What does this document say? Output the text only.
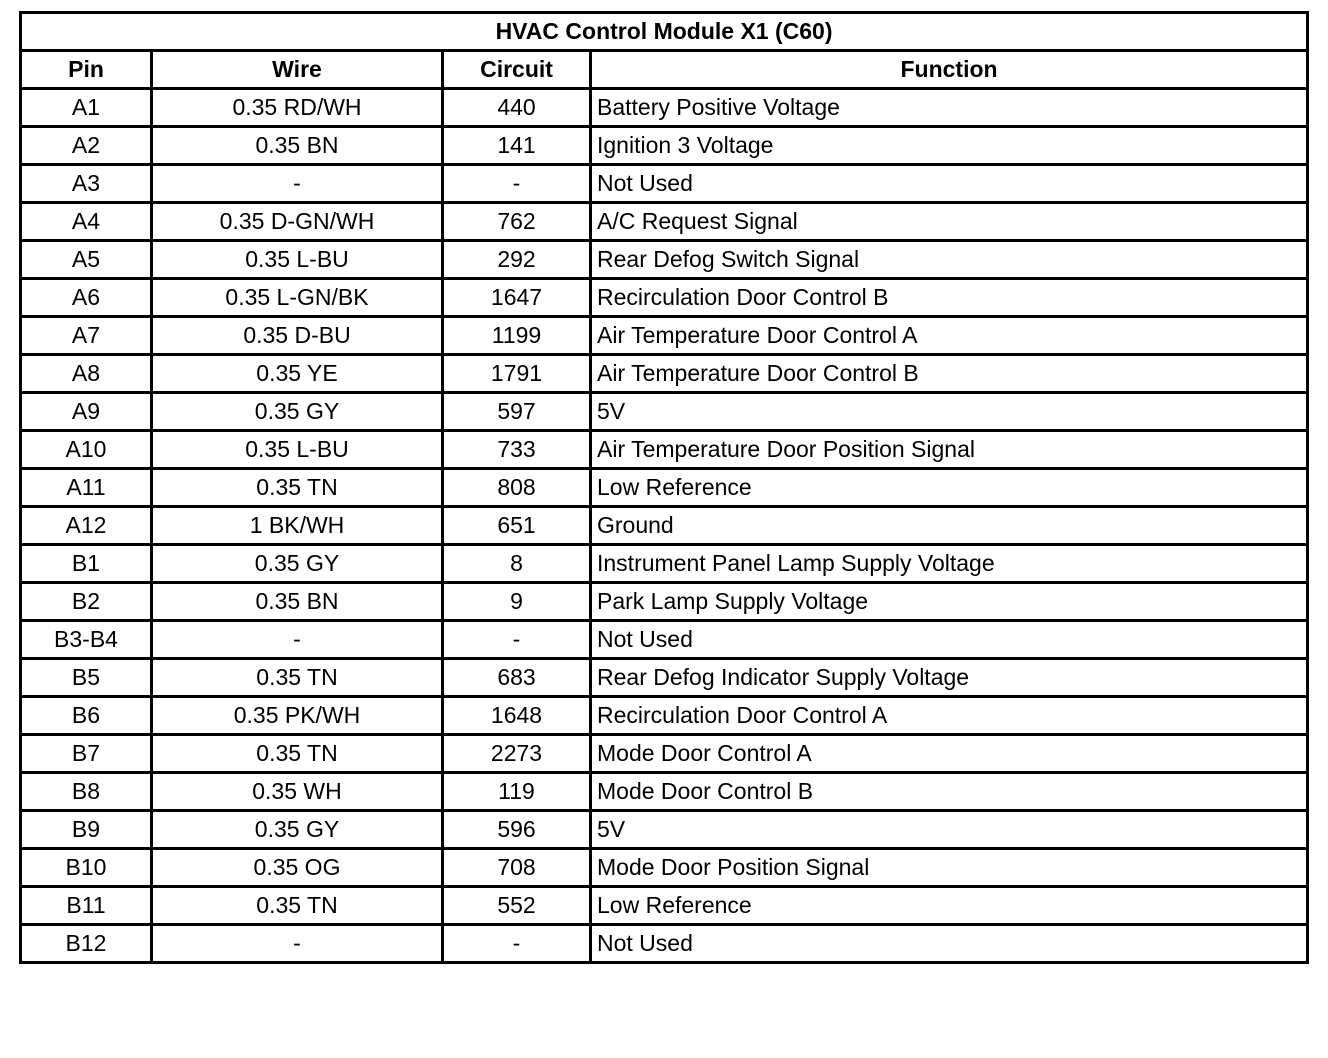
HVAC Control Module X1 (C60)			
Pin	Wire	Circuit	Function
A1	0.35 RD/WH	440	Battery Positive Voltage
A2	0.35 BN	141	Ignition 3 Voltage
A3	-	-	Not Used
A4	0.35 D-GN/WH	762	A/C Request Signal
A5	0.35 L-BU	292	Rear Defog Switch Signal
A6	0.35 L-GN/BK	1647	Recirculation Door Control B
A7	0.35 D-BU	1199	Air Temperature Door Control A
A8	0.35 YE	1791	Air Temperature Door Control B
A9	0.35 GY	597	5V
A10	0.35 L-BU	733	Air Temperature Door Position Signal
A11	0.35 TN	808	Low Reference
A12	1 BK/WH	651	Ground
B1	0.35 GY	8	Instrument Panel Lamp Supply Voltage
B2	0.35 BN	9	Park Lamp Supply Voltage
B3-B4	-	-	Not Used
B5	0.35 TN	683	Rear Defog Indicator Supply Voltage
B6	0.35 PK/WH	1648	Recirculation Door Control A
B7	0.35 TN	2273	Mode Door Control A
B8	0.35 WH	119	Mode Door Control B
B9	0.35 GY	596	5V
B10	0.35 OG	708	Mode Door Position Signal
B11	0.35 TN	552	Low Reference
B12	-	-	Not Used
